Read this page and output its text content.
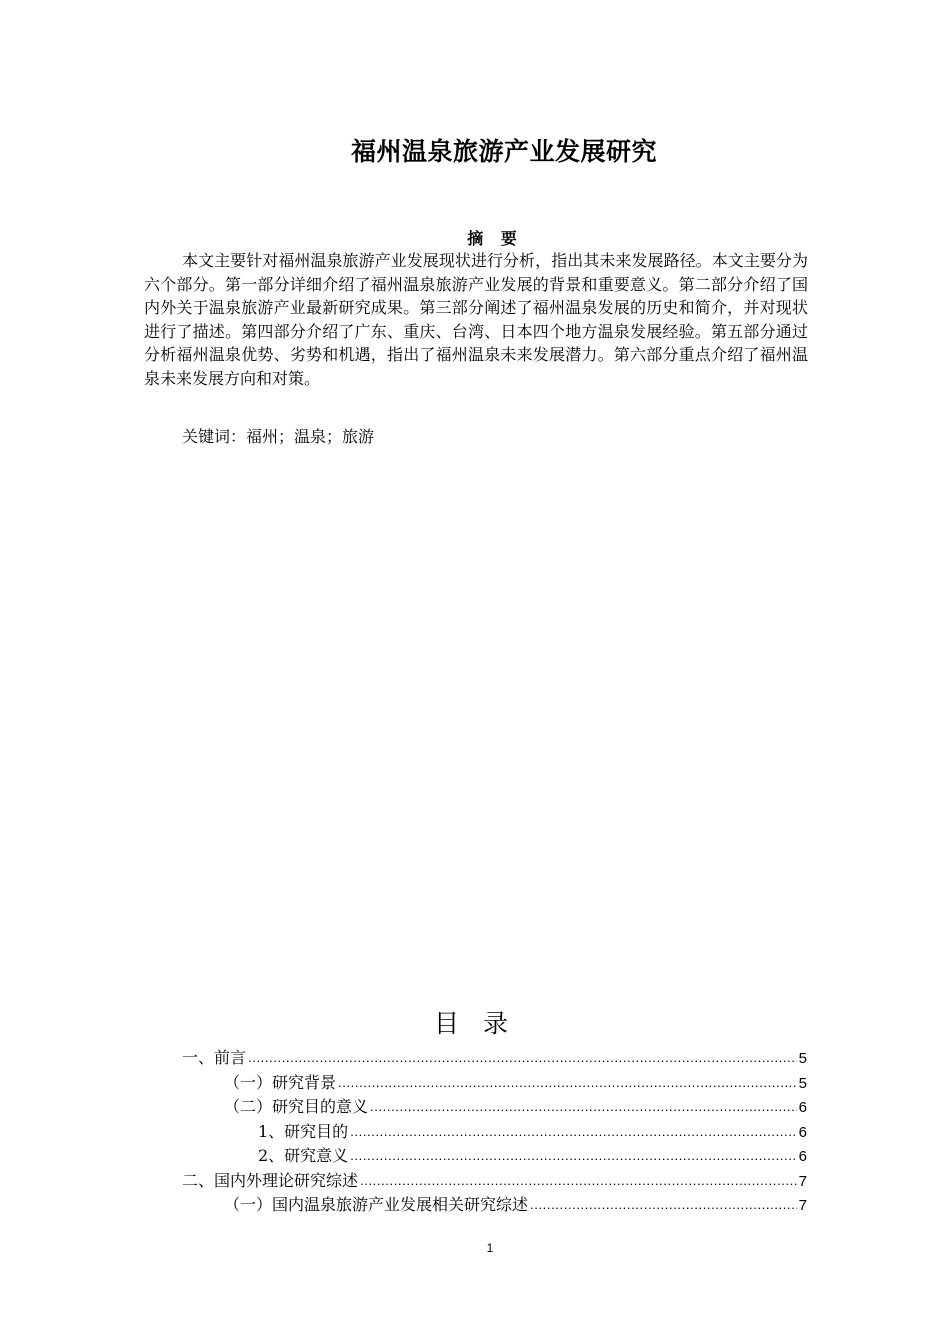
福州温泉旅游产业发展研究
摘 要

本文主要针对福州温泉旅游产业发展现状进行分析，指出其未来发展路径。本文主要分为六个部分。第一部分详细介绍了福州温泉旅游产业发展的背景和重要意义。第二部分介绍了国内外关于温泉旅游产业最新研究成果。第三部分阐述了福州温泉发展的历史和简介，并对现状进行了描述。第四部分介绍了广东、重庆、台湾、日本四个地方温泉发展经验。第五部分通过分析福州温泉优势、劣势和机遇，指出了福州温泉未来发展潜力。第六部分重点介绍了福州温泉未来发展方向和对策。

关键词：福州；温泉；旅游

目 录
一、前言 .....	5
（一）研究背景 .....	5
（二）研究目的意义 .....	6
1、研究目的 .....	6
2、研究意义 .....	6
二、国内外理论研究综述 .....	7
（一）国内温泉旅游产业发展相关研究综述 .....	7
1
